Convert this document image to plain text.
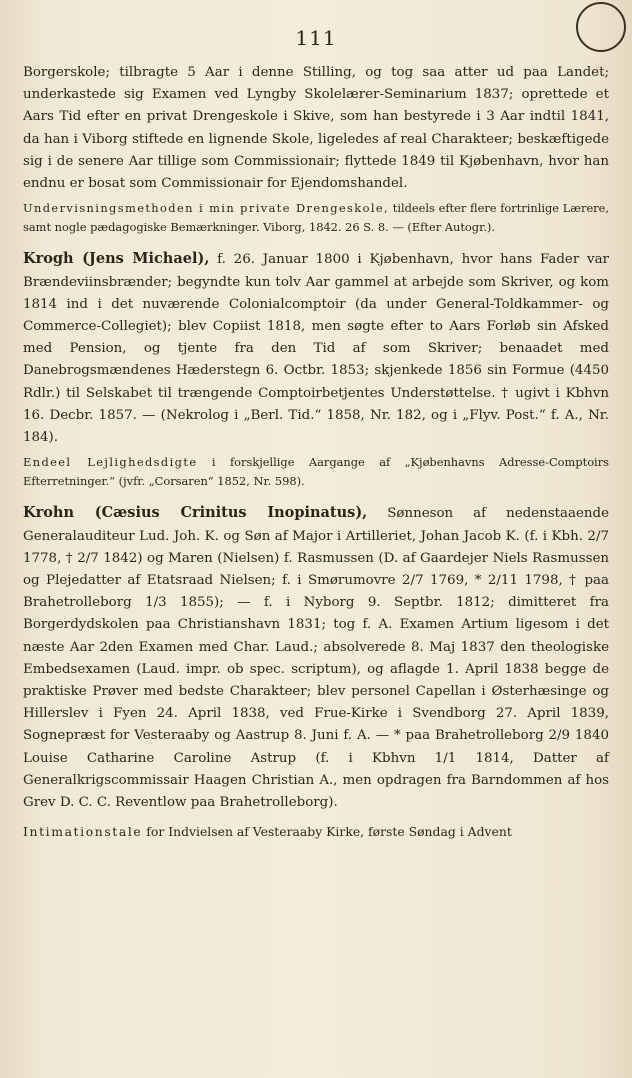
111

Borgerskole; tilbragte 5 Aar i denne Stilling, og tog saa atter ud paa Landet; underkastede sig Examen ved Lyngby Skolelærer-Seminarium 1837; oprettede et Aars Tid efter en privat Drengeskole i Skive, som han bestyrede i 3 Aar indtil 1841, da han i Viborg stiftede en lignende Skole, ligeledes af real Charakteer; beskæftigede sig i de senere Aar tillige som Commissionair; flyttede 1849 til Kjøbenhavn, hvor han endnu er bosat som Commissionair for Ejendomshandel.

Undervisningsmethoden i min private Drengeskole, tildeels efter flere fortrinlige Lærere, samt nogle pædagogiske Bemærkninger. Viborg, 1842. 26 S. 8. — (Efter Autogr.).

Krogh (Jens Michael), f. 26. Januar 1800 i Kjøbenhavn, hvor hans Fader var Brændeviinsbrænder; begyndte kun tolv Aar gammel at arbejde som Skriver, og kom 1814 ind i det nuværende Colonialcomptoir (da under General-Toldkammer- og Commerce-Collegiet); blev Copiist 1818, men søgte efter to Aars Forløb sin Afsked med Pension, og tjente fra den Tid af som Skriver; benaadet med Danebrogsmændenes Hæderstegn 6. Octbr. 1853; skjenkede 1856 sin Formue (4450 Rdlr.) til Selskabet til trængende Comptoirbetjentes Understøttelse. † ugivt i Kbhvn 16. Decbr. 1857. — (Nekrolog i „Berl. Tid.“ 1858, Nr. 182, og i „Flyv. Post.“ f. A., Nr. 184).

Endeel Lejlighedsdigte i forskjellige Aargange af „Kjøbenhavns Adresse-Comptoirs Efterretninger.“ (jvfr. „Corsaren“ 1852, Nr. 598).

Krohn (Cæsius Crinitus Inopinatus), Sønneson af nedenstaaende Generalauditeur Lud. Joh. K. og Søn af Major i Artilleriet, Johan Jacob K. (f. i Kbh. 2/7 1778, † 2/7 1842) og Maren (Nielsen) f. Rasmussen (D. af Gaardejer Niels Rasmussen og Plejedatter af Etatsraad Nielsen; f. i Smørumovre 2/7 1769, * 2/11 1798, † paa Brahetrolleborg 1/3 1855); — f. i Nyborg 9. Septbr. 1812; dimitteret fra Borgerdydskolen paa Christianshavn 1831; tog f. A. Examen Artium ligesom i det næste Aar 2den Examen med Char. Laud.; absolverede 8. Maj 1837 den theologiske Embedsexamen (Laud. impr. ob spec. scriptum), og aflagde 1. April 1838 begge de praktiske Prøver med bedste Charakteer; blev personel Capellan i Østerhæsinge og Hillerslev i Fyen 24. April 1838, ved Frue-Kirke i Svendborg 27. April 1839, Sognepræst for Vesteraaby og Aastrup 8. Juni f. A. — * paa Brahetrolleborg 2/9 1840 Louise Catharine Caroline Astrup (f. i Kbhvn 1/1 1814, Datter af Generalkrigscommissair Haagen Christian A., men opdragen fra Barndommen af hos Grev D. C. C. Reventlow paa Brahetrolleborg).

Intimationstale for Indvielsen af Vesteraaby Kirke, første Søndag i Advent
